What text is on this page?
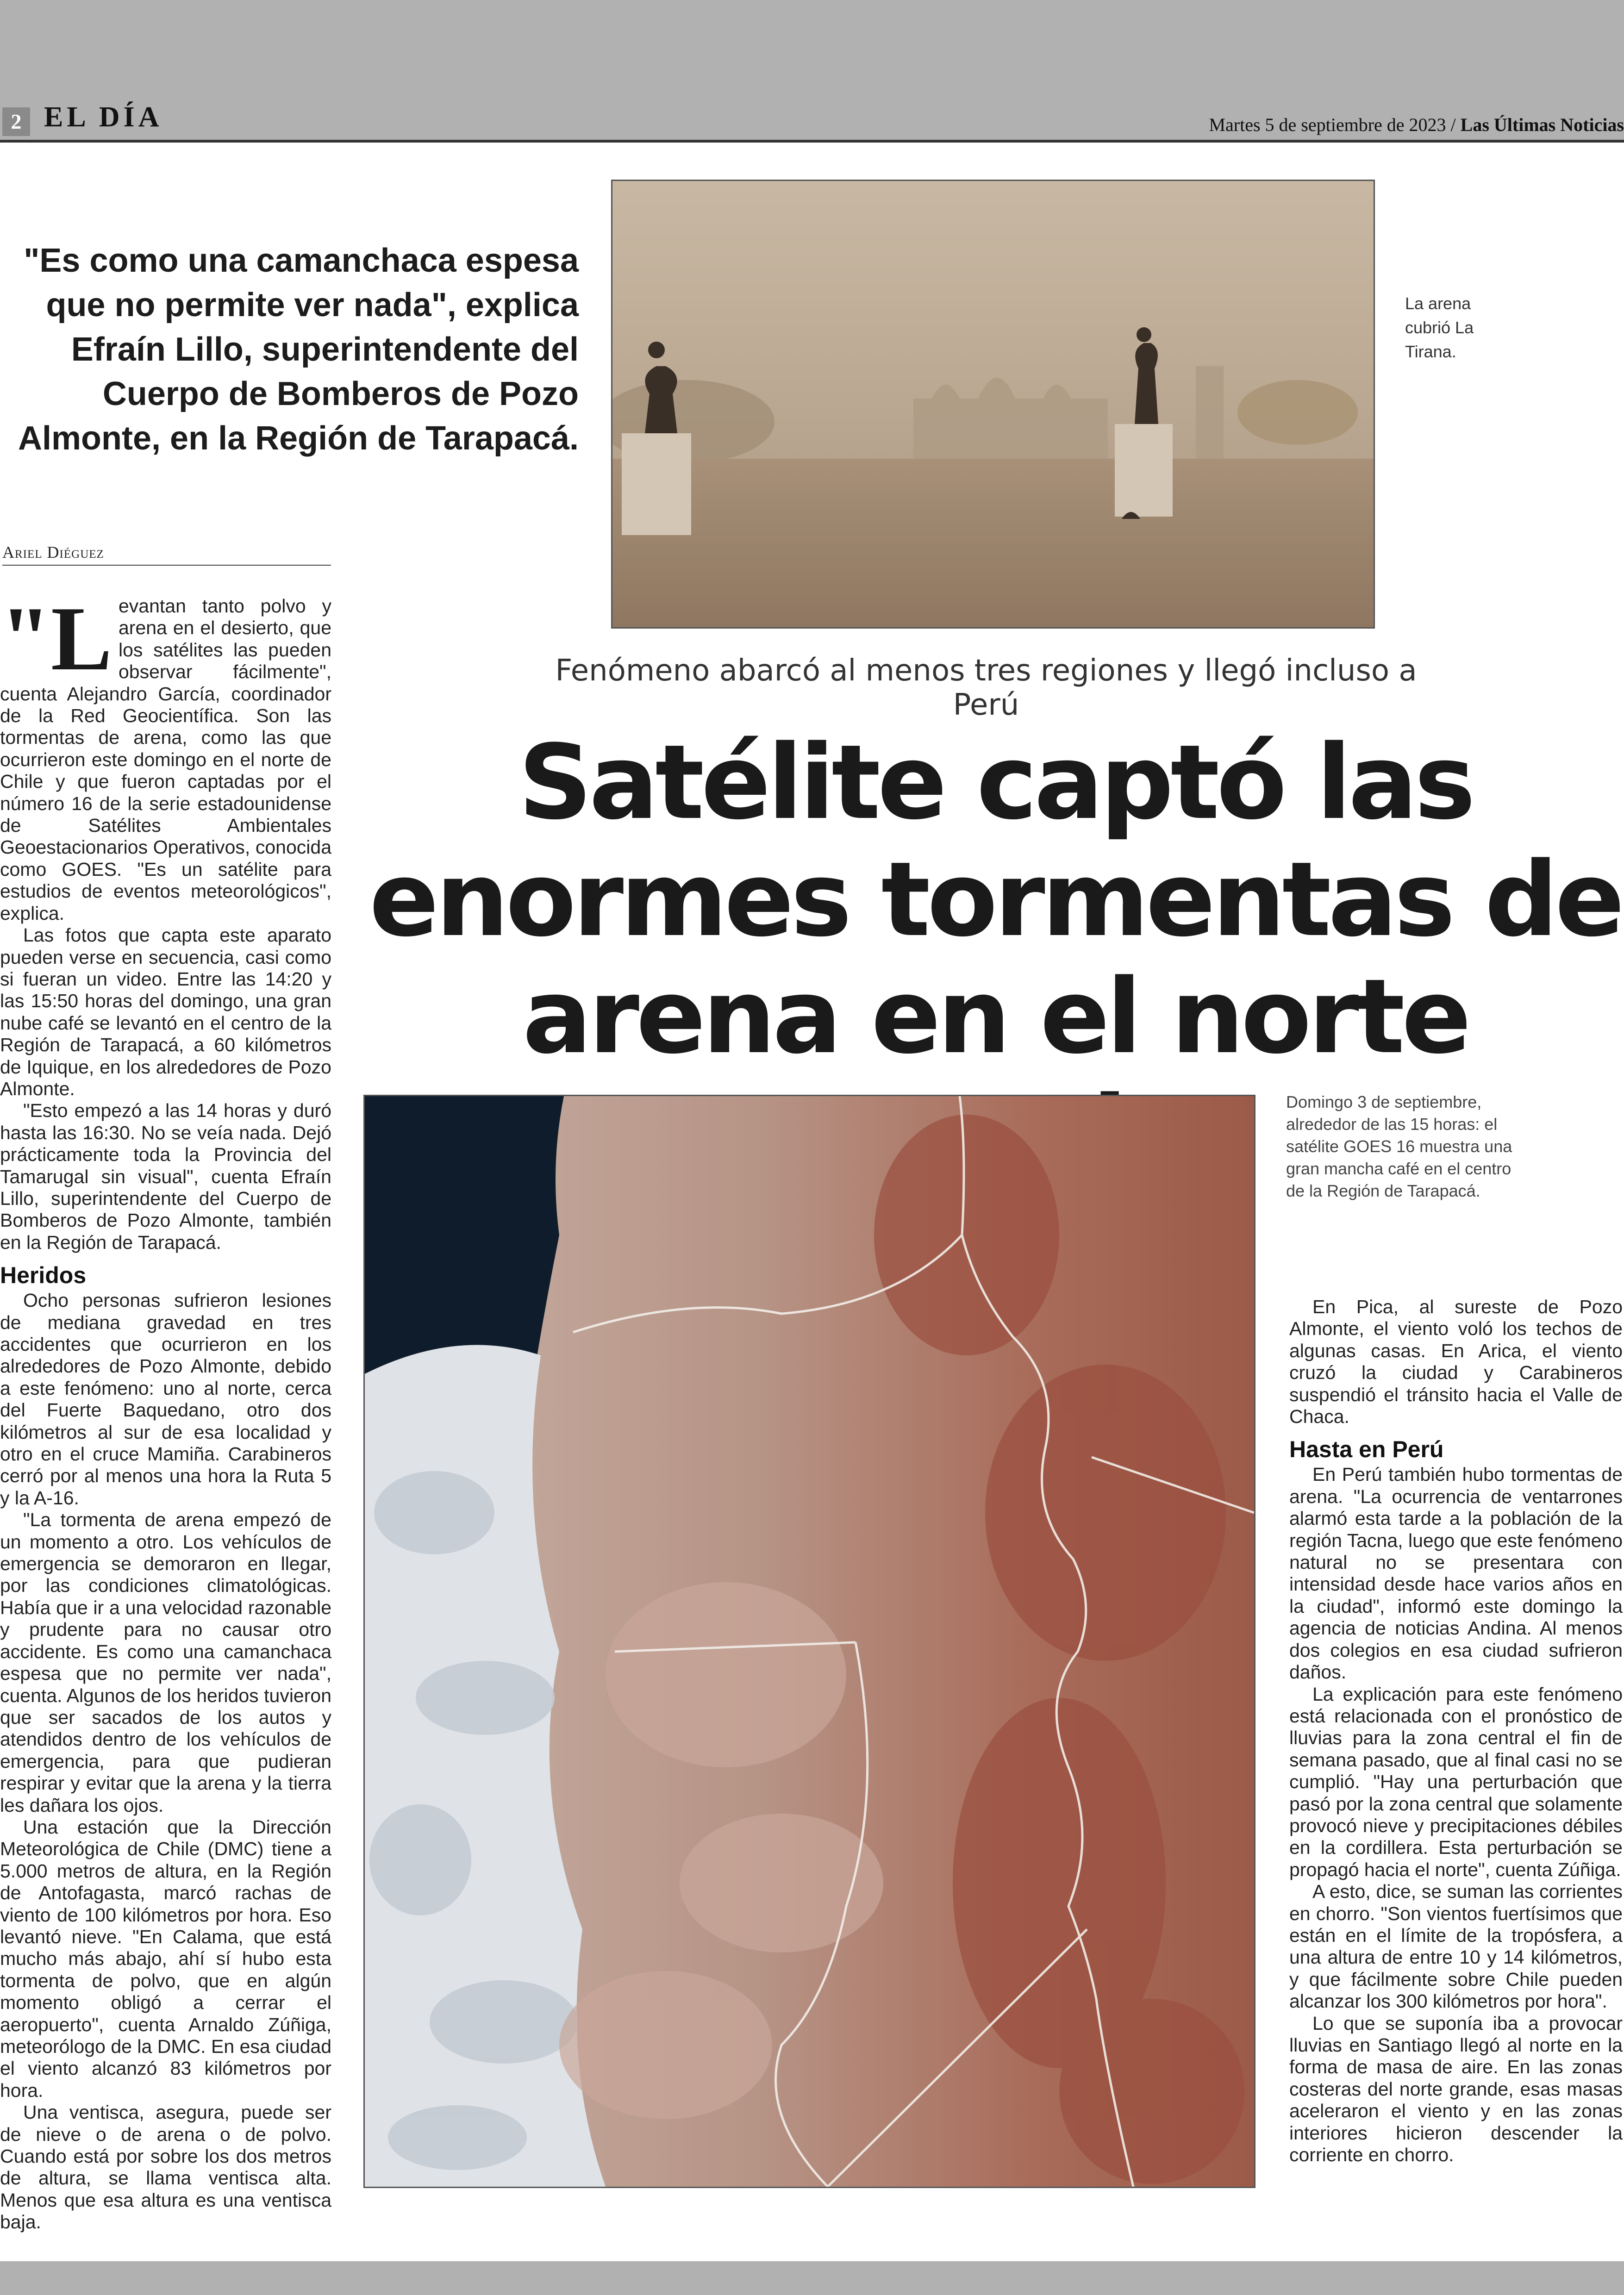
2 EL DÍA	Martes 5 de septiembre de 2023 / Las Últimas Noticias
"Es como una camanchaca espesa que no permite ver nada", explica Efraín Lillo, superintendente del Cuerpo de Bomberos de Pozo Almonte, en la Región de Tarapacá.
La arena cubrió La Tirana.
Ariel Diéguez
Fenómeno abarcó al menos tres regiones y llegó incluso a Perú
Satélite captó las enormes tormentas de arena en el norte
"L evantan tanto polvo y arena en el desierto, que los satélites las pueden observar fácilmente", cuenta Alejandro García, coordinador de la Red Geocientífica. Son las tormentas de arena, como las que ocurrieron este domingo en el norte de Chile y que fueron captadas por el número 16 de la serie estadounidense de Satélites Ambientales Geoestacionarios Operativos, conocida como GOES. "Es un satélite para estudios de eventos meteorológicos", explica.

Las fotos que capta este aparato pueden verse en secuencia, casi como si fueran un video. Entre las 14:20 y las 15:50 horas del domingo, una gran nube café se levantó en el centro de la Región de Tarapacá, a 60 kilómetros de Iquique, en los alrededores de Pozo Almonte.

"Esto empezó a las 14 horas y duró hasta las 16:30. No se veía nada. Dejó prácticamente toda la Provincia del Tamarugal sin visual", cuenta Efraín Lillo, superintendente del Cuerpo de Bomberos de Pozo Almonte, también en la Región de Tarapacá.

Heridos

Ocho personas sufrieron lesiones de mediana gravedad en tres accidentes que ocurrieron en los alrededores de Pozo Almonte, debido a este fenómeno: uno al norte, cerca del Fuerte Baquedano, otro dos kilómetros al sur de esa localidad y otro en el cruce Mamiña. Carabineros cerró por al menos una hora la Ruta 5 y la A-16.

"La tormenta de arena empezó de un momento a otro. Los vehículos de emergencia se demoraron en llegar, por las condiciones climatológicas. Había que ir a una velocidad razonable y prudente para no causar otro accidente. Es como una camanchaca espesa que no permite ver nada", cuenta. Algunos de los heridos tuvieron que ser sacados de los autos y atendidos dentro de los vehículos de emergencia, para que pudieran respirar y evitar que la arena y la tierra les dañara los ojos.

Una estación que la Dirección Meteorológica de Chile (DMC) tiene a 5.000 metros de altura, en la Región de Antofagasta, marcó rachas de viento de 100 kilómetros por hora. Eso levantó nieve. "En Calama, que está mucho más abajo, ahí sí hubo esta tormenta de polvo, que en algún momento obligó a cerrar el aeropuerto", cuenta Arnaldo Zúñiga, meteorólogo de la DMC. En esa ciudad el viento alcanzó 83 kilómetros por hora.

Una ventisca, asegura, puede ser de nieve o de arena o de polvo. Cuando está por sobre los dos metros de altura, se llama ventisca alta. Menos que esa altura es una ventisca baja.

Domingo 3 de septiembre, alrededor de las 15 horas: el satélite GOES 16 muestra una gran mancha café en el centro de la Región de Tarapacá.

En Pica, al sureste de Pozo Almonte, el viento voló los techos de algunas casas. En Arica, el viento cruzó la ciudad y Carabineros suspendió el tránsito hacia el Valle de Chaca.

Hasta en Perú

En Perú también hubo tormentas de arena. "La ocurrencia de ventarrones alarmó esta tarde a la población de la región Tacna, luego que este fenómeno natural no se presentara con intensidad desde hace varios años en la ciudad", informó este domingo la agencia de noticias Andina. Al menos dos colegios en esa ciudad sufrieron daños.

La explicación para este fenómeno está relacionada con el pronóstico de lluvias para la zona central el fin de semana pasado, que al final casi no se cumplió. "Hay una perturbación que pasó por la zona central que solamente provocó nieve y precipitaciones débiles en la cordillera. Esta perturbación se propagó hacia el norte", cuenta Zúñiga.

A esto, dice, se suman las corrientes en chorro. "Son vientos fuertísimos que están en el límite de la tropósfera, a una altura de entre 10 y 14 kilómetros, y que fácilmente sobre Chile pueden alcanzar los 300 kilómetros por hora".

Lo que se suponía iba a provocar lluvias en Santiago llegó al norte en la forma de masa de aire. En las zonas costeras del norte grande, esas masas aceleraron el viento y en las zonas interiores hicieron descender la corriente en chorro.
